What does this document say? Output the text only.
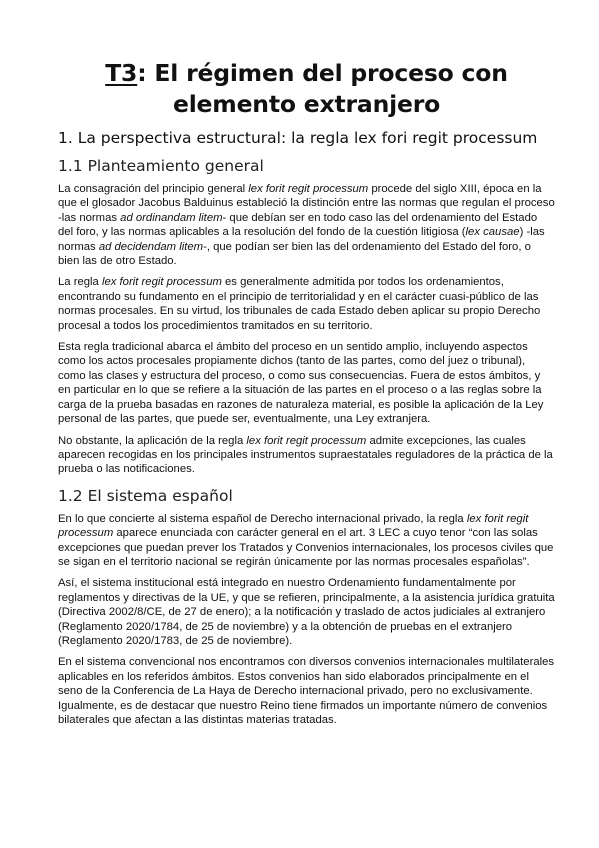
T3: El régimen del proceso con elemento extranjero
1. La perspectiva estructural: la regla lex fori regit processum
1.1 Planteamiento general

La consagración del principio general lex forit regit processum procede del siglo XIII, época en la que el glosador Jacobus Balduinus estableció la distinción entre las normas que regulan el proceso -las normas ad ordinandam litem- que debían ser en todo caso las del ordenamiento del Estado del foro, y las normas aplicables a la resolución del fondo de la cuestión litigiosa (lex causae) -las normas ad decidendam litem-, que podían ser bien las del ordenamiento del Estado del foro, o bien las de otro Estado.

La regla lex forit regit processum es generalmente admitida por todos los ordenamientos, encontrando su fundamento en el principio de territorialidad y en el carácter cuasi-público de las normas procesales. En su virtud, los tribunales de cada Estado deben aplicar su propio Derecho procesal a todos los procedimientos tramitados en su territorio.

Esta regla tradicional abarca el ámbito del proceso en un sentido amplio, incluyendo aspectos como los actos procesales propiamente dichos (tanto de las partes, como del juez o tribunal), como las clases y estructura del proceso, o como sus consecuencias. Fuera de estos ámbitos, y en particular en lo que se refiere a la situación de las partes en el proceso o a las reglas sobre la carga de la prueba basadas en razones de naturaleza material, es posible la aplicación de la Ley personal de las partes, que puede ser, eventualmente, una Ley extranjera.

No obstante, la aplicación de la regla lex forit regit processum admite excepciones, las cuales aparecen recogidas en los principales instrumentos supraestatales reguladores de la práctica de la prueba o las notificaciones.

1.2 El sistema español

En lo que concierte al sistema español de Derecho internacional privado, la regla lex forit regit processum aparece enunciada con carácter general en el art. 3 LEC a cuyo tenor “con las solas excepciones que puedan prever los Tratados y Convenios internacionales, los procesos civiles que se sigan en el territorio nacional se regirán únicamente por las normas procesales españolas”.

Así, el sistema institucional está integrado en nuestro Ordenamiento fundamentalmente por reglamentos y directivas de la UE, y que se refieren, principalmente, a la asistencia jurídica gratuita (Directiva 2002/8/CE, de 27 de enero); a la notificación y traslado de actos judiciales al extranjero (Reglamento 2020/1784, de 25 de noviembre) y a la obtención de pruebas en el extranjero (Reglamento 2020/1783, de 25 de noviembre).

En el sistema convencional nos encontramos con diversos convenios internacionales multilaterales aplicables en los referidos ámbitos. Estos convenios han sido elaborados principalmente en el seno de la Conferencia de La Haya de Derecho internacional privado, pero no exclusivamente. Igualmente, es de destacar que nuestro Reino tiene firmados un importante número de convenios bilaterales que afectan a las distintas materias tratadas.
